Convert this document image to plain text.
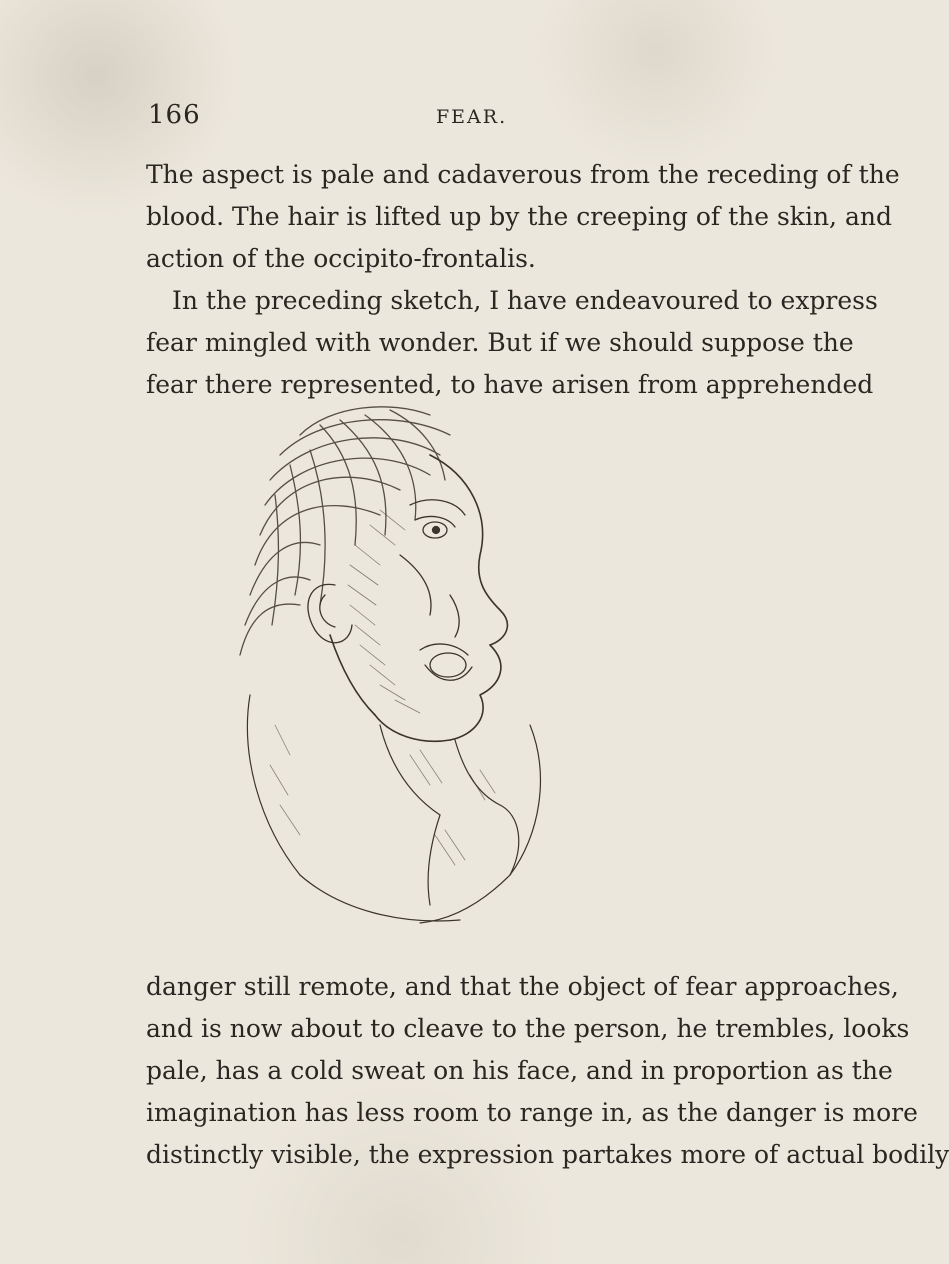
166	FEAR.
The aspect is pale and cadaverous from the receding of the
blood. The hair is lifted up by the creeping of the skin, and
action of the occipito-frontalis.
In the preceding sketch, I have endeavoured to express
fear mingled with wonder. But if we should suppose the
fear there represented, to have arisen from apprehended
danger still remote, and that the object of fear approaches,
and is now about to cleave to the person, he trembles, looks
pale, has a cold sweat on his face, and in proportion as the
imagination has less room to range in, as the danger is more
distinctly visible, the expression partakes more of actual bodily
